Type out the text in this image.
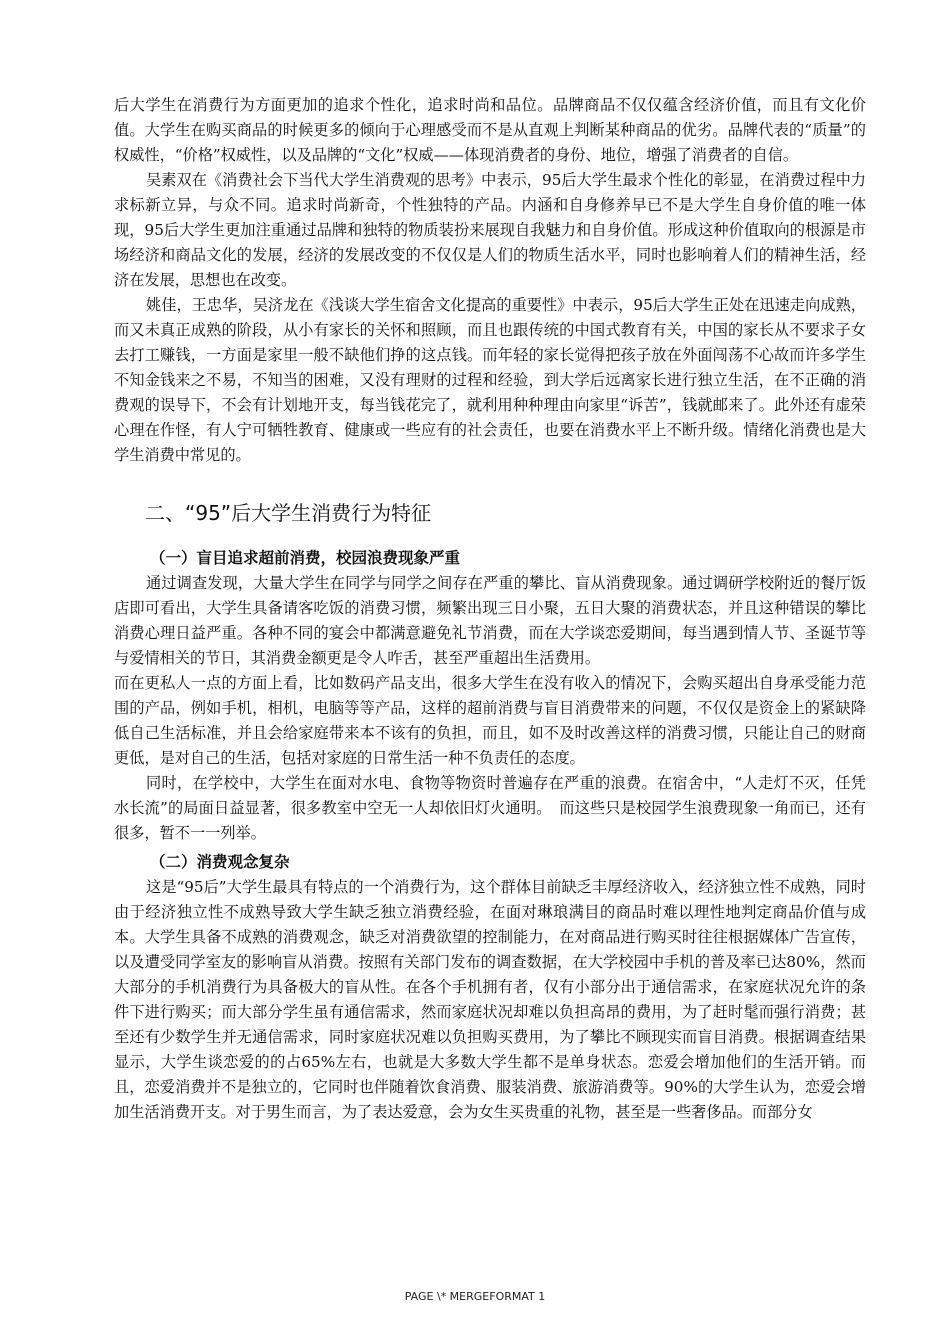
后大学生在消费行为方面更加的追求个性化，追求时尚和品位。品牌商品不仅仅蕴含经济价值，而且有文化价值。大学生在购买商品的时候更多的倾向于心理感受而不是从直观上判断某种商品的优劣。品牌代表的“质量”的权威性，“价格”权威性，以及品牌的“文化”权威——体现消费者的身份、地位，增强了消费者的自信。

吴素双在《消费社会下当代大学生消费观的思考》中表示，95后大学生最求个性化的彰显，在消费过程中力求标新立异，与众不同。追求时尚新奇，个性独特的产品。内涵和自身修养早已不是大学生自身价值的唯一体现，95后大学生更加注重通过品牌和独特的物质装扮来展现自我魅力和自身价值。形成这种价值取向的根源是市场经济和商品文化的发展，经济的发展改变的不仅仅是人们的物质生活水平，同时也影响着人们的精神生活，经济在发展，思想也在改变。

姚佳，王忠华，吴济龙在《浅谈大学生宿舍文化提高的重要性》中表示，95后大学生正处在迅速走向成熟，而又未真正成熟的阶段，从小有家长的关怀和照顾，而且也跟传统的中国式教育有关，中国的家长从不要求子女去打工赚钱，一方面是家里一般不缺他们挣的这点钱。而年轻的家长觉得把孩子放在外面闯荡不心故而许多学生不知金钱来之不易，不知当的困难，又没有理财的过程和经验，到大学后远离家长进行独立生活，在不正确的消费观的误导下，不会有计划地开支，每当钱花完了，就利用种种理由向家里“诉苦”，钱就邮来了。此外还有虚荣心理在作怪，有人宁可牺牲教育、健康或一些应有的社会责任，也要在消费水平上不断升级。情绪化消费也是大学生消费中常见的。

二、“95”后大学生消费行为特征
（一）盲目追求超前消费，校园浪费现象严重

通过调查发现，大量大学生在同学与同学之间存在严重的攀比、盲从消费现象。通过调研学校附近的餐厅饭店即可看出，大学生具备请客吃饭的消费习惯，频繁出现三日小聚，五日大聚的消费状态，并且这种错误的攀比消费心理日益严重。各种不同的宴会中都满意避免礼节消费，而在大学谈恋爱期间，每当遇到情人节、圣诞节等与爱情相关的节日，其消费金额更是令人咋舌，甚至严重超出生活费用。

而在更私人一点的方面上看，比如数码产品支出，很多大学生在没有收入的情况下，会购买超出自身承受能力范围的产品，例如手机，相机，电脑等等产品，这样的超前消费与盲目消费带来的问题，不仅仅是资金上的紧缺降低自己生活标准，并且会给家庭带来本不该有的负担，而且，如不及时改善这样的消费习惯，只能让自己的财商更低，是对自己的生活，包括对家庭的日常生活一种不负责任的态度。

同时，在学校中，大学生在面对水电、食物等物资时普遍存在严重的浪费。在宿舍中，“人走灯不灭，任凭水长流”的局面日益显著，很多教室中空无一人却依旧灯火通明。　而这些只是校园学生浪费现象一角而已，还有很多，暂不一一列举。

（二）消费观念复杂

这是“95后”大学生最具有特点的一个消费行为，这个群体目前缺乏丰厚经济收入，经济独立性不成熟，同时由于经济独立性不成熟导致大学生缺乏独立消费经验，在面对琳琅满目的商品时难以理性地判定商品价值与成本。大学生具备不成熟的消费观念，缺乏对消费欲望的控制能力，在对商品进行购买时往往根据媒体广告宣传，以及遭受同学室友的影响盲从消费。按照有关部门发布的调查数据，在大学校园中手机的普及率已达80%，然而大部分的手机消费行为具备极大的盲从性。在各个手机拥有者，仅有小部分出于通信需求，在家庭状况允许的条件下进行购买；而大部分学生虽有通信需求，然而家庭状况却难以负担高昂的费用，为了赶时髦而强行消费；甚至还有少数学生并无通信需求，同时家庭状况难以负担购买费用，为了攀比不顾现实而盲目消费。根据调查结果显示，大学生谈恋爱的的占65%左右，也就是大多数大学生都不是单身状态。恋爱会增加他们的生活开销。而且，恋爱消费并不是独立的，它同时也伴随着饮食消费、服装消费、旅游消费等。90%的大学生认为，恋爱会增加生活消费开支。对于男生而言，为了表达爱意，会为女生买贵重的礼物，甚至是一些奢侈品。而部分女

PAGE \* MERGEFORMAT 1
